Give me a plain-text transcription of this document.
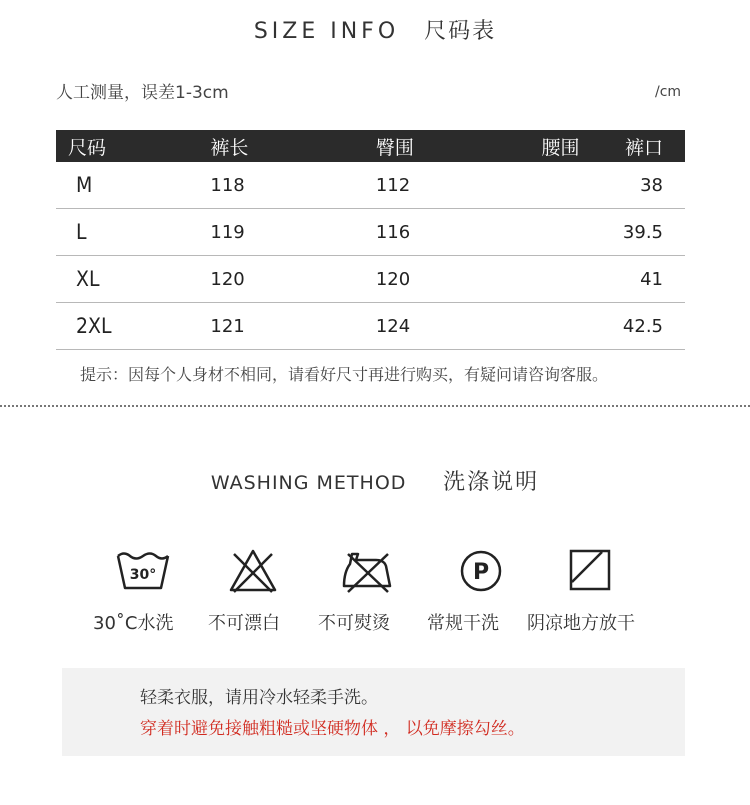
SIZE INFO 尺码表
人工测量，误差1-3cm	/cm
尺码	裤长	臀围	腰围	裤口
M	118	112		38
L	119	116		39.5
XL	120	120		41
2XL	121	124		42.5
提示：因每个人身材不相同，请看好尺寸再进行购买，有疑问请咨询客服。
WASHING METHOD 洗涤说明
30°
30˚C水洗 不可漂白 不可熨烫
P
常规干洗 阴凉地方放干
轻柔衣服，请用冷水轻柔手洗。
穿着时避免接触粗糙或坚硬物体 ， 以免摩擦勾丝。
